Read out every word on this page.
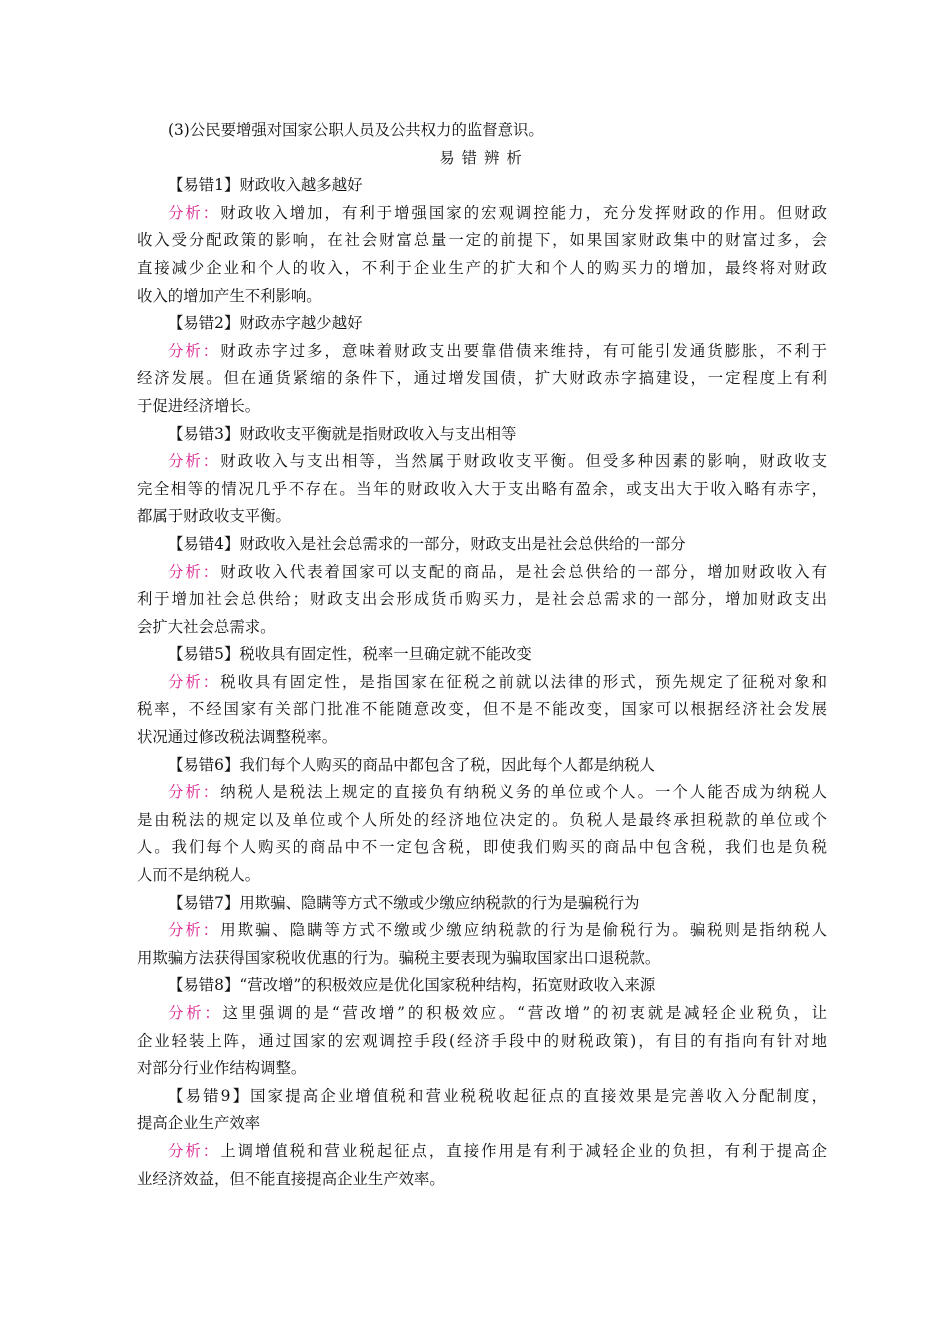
(3)公民要增强对国家公职人员及公共权力的监督意识。
易错辨析
【易错1】财政收入越多越好
分析：财政收入增加，有利于增强国家的宏观调控能力，充分发挥财政的作用。但财政
收入受分配政策的影响，在社会财富总量一定的前提下，如果国家财政集中的财富过多，会
直接减少企业和个人的收入，不利于企业生产的扩大和个人的购买力的增加，最终将对财政
收入的增加产生不利影响。
【易错2】财政赤字越少越好
分析：财政赤字过多，意味着财政支出要靠借债来维持，有可能引发通货膨胀，不利于
经济发展。但在通货紧缩的条件下，通过增发国债，扩大财政赤字搞建设，一定程度上有利
于促进经济增长。
【易错3】财政收支平衡就是指财政收入与支出相等
分析：财政收入与支出相等，当然属于财政收支平衡。但受多种因素的影响，财政收支
完全相等的情况几乎不存在。当年的财政收入大于支出略有盈余，或支出大于收入略有赤字，
都属于财政收支平衡。
【易错4】财政收入是社会总需求的一部分，财政支出是社会总供给的一部分
分析：财政收入代表着国家可以支配的商品，是社会总供给的一部分，增加财政收入有
利于增加社会总供给；财政支出会形成货币购买力，是社会总需求的一部分，增加财政支出
会扩大社会总需求。
【易错5】税收具有固定性，税率一旦确定就不能改变
分析：税收具有固定性，是指国家在征税之前就以法律的形式，预先规定了征税对象和
税率，不经国家有关部门批准不能随意改变，但不是不能改变，国家可以根据经济社会发展
状况通过修改税法调整税率。
【易错6】我们每个人购买的商品中都包含了税，因此每个人都是纳税人
分析：纳税人是税法上规定的直接负有纳税义务的单位或个人。一个人能否成为纳税人
是由税法的规定以及单位或个人所处的经济地位决定的。负税人是最终承担税款的单位或个
人。我们每个人购买的商品中不一定包含税，即使我们购买的商品中包含税，我们也是负税
人而不是纳税人。
【易错7】用欺骗、隐瞒等方式不缴或少缴应纳税款的行为是骗税行为
分析：用欺骗、隐瞒等方式不缴或少缴应纳税款的行为是偷税行为。骗税则是指纳税人
用欺骗方法获得国家税收优惠的行为。骗税主要表现为骗取国家出口退税款。
【易错8】“营改增”的积极效应是优化国家税种结构，拓宽财政收入来源
分析：这里强调的是“营改增”的积极效应。“营改增”的初衷就是减轻企业税负，让
企业轻装上阵，通过国家的宏观调控手段(经济手段中的财税政策)，有目的有指向有针对地
对部分行业作结构调整。
【易错9】国家提高企业增值税和营业税税收起征点的直接效果是完善收入分配制度，
提高企业生产效率
分析：上调增值税和营业税起征点，直接作用是有利于减轻企业的负担，有利于提高企
业经济效益，但不能直接提高企业生产效率。
